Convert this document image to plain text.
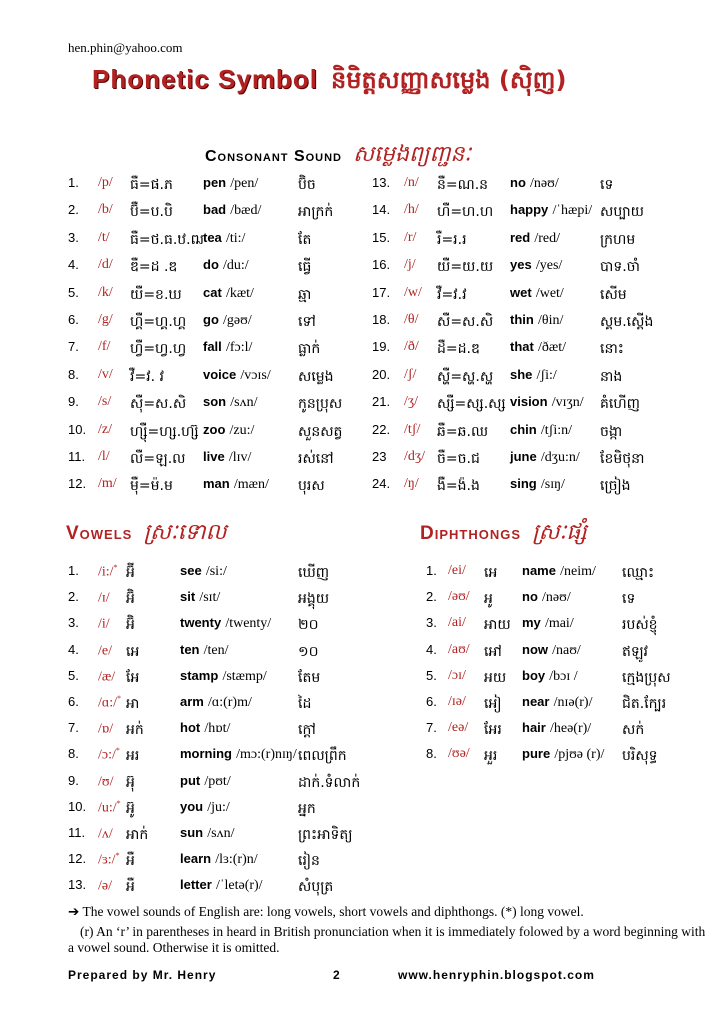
hen.phin@yahoo.com
Phonetic Symbol និមិត្តសញ្ញាសម្លេង (ស៊ិញ)
Consonant Sound សម្លេងព្យញ្ជនៈ
1. /p/ ធឺ=ផ.ភ pen /pen/	ប៊ិច
2. /b/ ប៊ឺ=ប.បិ bad /bæd/	អាក្រក់
3. /t/ ធឺ=ថ.ធ.ឋ.ឍ tea /ti:/	តែ
4. /d/ ឌឺ=ដ .ឌ do /du:/	ធ្វើ
5. /k/ យឺ=ខ.ឃ cat /kæt/	ឆ្មា
6. /g/ ហ្គឺ=ហ្គ.ហ្គ go /gəʊ/	ទៅ
7. /f/ ហ្វឺ=ហ្វ.ហ្វ fall /fɔ:l/	ធ្លាក់
8. /v/ វឺ=វ. វ	voice /vɔɪs/ សម្លេង
9. /s/ ស៊ឺ=ស.សិ son /sʌn/	កូនប្រុស
10. /z/ ហ្ស៊ឺ=ហ្ស.ហ្ស៊ zoo /zu:/	សួនសត្វ
11. /l/ លឺ=ឡ.ល live /lɪv/	រស់នៅ
12. /m/ ម៉ឺ=ម៉.ម man /mæn/ បុរស
13. /n/ នឺ=ណ.ន no /nəʊ/	ទេ
14. /h/ ហឺ=ហ.ហ happy /ˈhæpi/ សប្បាយ
15. /r/ រឺ=រ.រ	red /red/	ក្រហម
16. /j/ យឺ=យ.យ yes /yes/	បាទ.ចាំ
17. /w/ វឺ=វ.វ	wet /wet/	សើម
18. /θ/ សឺ=ស.សិ thin /θin/	ស្គម.ស្ដើង
19. /ð/ ដឺ=ដ.ឌ that /ðæt/ នោះ
20. /ʃ/ ស្ហឺ=ស្ហ.ស្ហ she /ʃi:/	នាង
21. /ʒ/ ស្សឺ=ស្ស.ស្ស vision /vɪʒn/ គំហើញ
22. /tʃ/ ឆឺ=ឆ.ឈ chin /tʃi:n/ ចង្កា
23 /dʒ/ ចឺ=ច.ជ june /dʒu:n/ ខែមិថុនា
24. /ŋ/ ងឺ=ង៉.ង sing /sɪŋ/	ច្រៀង
Vowels ស្រៈទោល	Diphthongs ស្រៈផ្សំ
1. /i:/* អ៊ី	see /si:/	ឃើញ
2. /ɪ/ អ៊ិ	sit /sɪt/	អង្គុយ
3. /i/ អ៊ិ	twenty /twenty/ ២០
4. /e/ អេ	ten /ten/	១០
5. /æ/ អែ	stamp /stæmp/ តែម
6. /ɑ:/* អា	arm /ɑ:(r)m/	ដៃ
7. /ɒ/ អក់	hot /hɒt/	ក្ដៅ
8. /ɔ:/* អរ	morning /mɔ:(r)nɪŋ/ ពេលព្រឹក
9. /ʊ/ អ៊ុ	put /pʊt/	ដាក់.ទំលាក់
10. /u:/* អ៊ូ	you /ju:/	អ្នក
11. /ʌ/ អាក់ sun /sʌn/	ព្រះអាទិត្យ
12. /ɜ:/* អឺ	learn /lɜ:(r)n/	រៀន
13. /ə/ អឺ	letter /ˈletə(r)/	សំបុត្រ
1. /ei/ អេ name /neim/ ឈ្មោះ
2. /əʊ/ អូ no /nəʊ/	ទេ
3. /ai/ អាយ my /mai/	របស់ខ្ញុំ
4. /aʊ/ អៅ now /naʊ/	ឥឡូវ
5. /ɔɪ/ អយ boy /bɔɪ /	ក្មេងប្រុស
6. /ɪə/ អៀ near /nɪə(r)/ ជិត.ក្បែរ
7. /eə/ អែរ hair /heə(r)/ សក់
8. /ʊə/ អួរ pure /pjʊə (r)/ បរិសុទ្ធ
➔ The vowel sounds of English are: long vowels, short vowels and diphthongs. (*) long vowel.
(r) An ‘r’ in parentheses in heard in British pronunciation when it is immediately folowed by a word beginning with a vowel sound. Otherwise it is omitted.
Prepared by Mr. Henry	2	www.henryphin.blogspot.com
